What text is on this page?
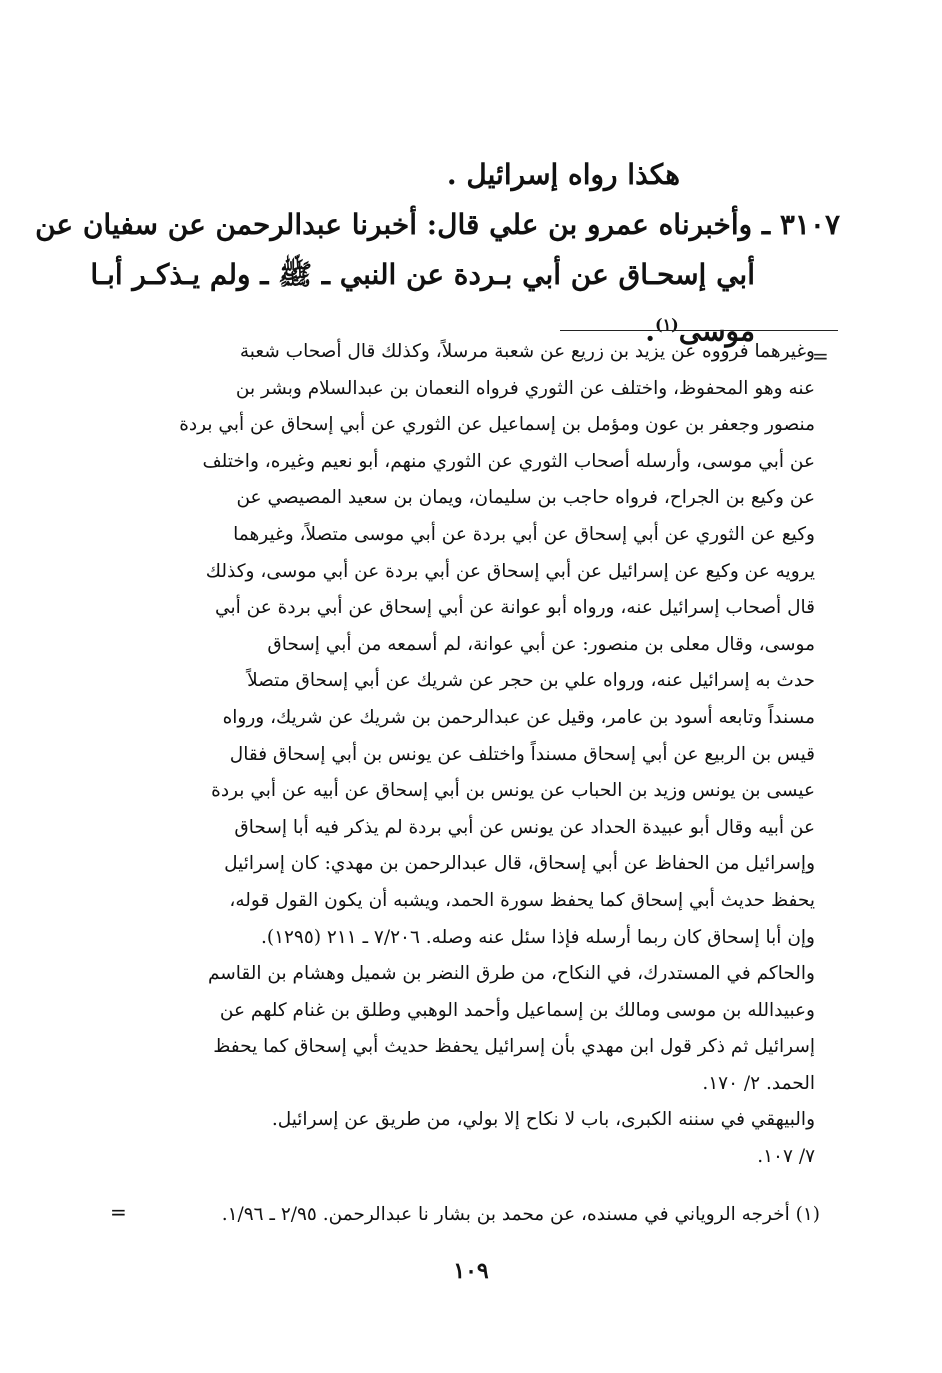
هكذا رواه إسرائيل .
٣١٠٧ ـ وأخبرناه عمرو بن علي قال: أخبرنا عبدالرحمن عن سفيان عن
أبي إسحـاق عن أبي بـردة عن النبي ـ ﷺ ـ ولم يـذكـر أبـا
موسى$^{(١)}$.
=
وغيرهما فرووه عن يزيد بن زريع عن شعبة مرسلاً، وكذلك قال أصحاب شعبة
عنه وهو المحفوظ، واختلف عن الثوري فرواه النعمان بن عبدالسلام وبشر بن
منصور وجعفر بن عون ومؤمل بن إسماعيل عن الثوري عن أبي إسحاق عن أبي بردة
عن أبي موسى، وأرسله أصحاب الثوري عن الثوري منهم، أبو نعيم وغيره، واختلف
عن وكيع بن الجراح، فرواه حاجب بن سليمان، ويمان بن سعيد المصيصي عن
وكيع عن الثوري عن أبي إسحاق عن أبي بردة عن أبي موسى متصلاً، وغيرهما
يرويه عن وكيع عن إسرائيل عن أبي إسحاق عن أبي بردة عن أبي موسى، وكذلك
قال أصحاب إسرائيل عنه، ورواه أبو عوانة عن أبي إسحاق عن أبي بردة عن أبي
موسى، وقال معلى بن منصور: عن أبي عوانة، لم أسمعه من أبي إسحاق
حدث به إسرائيل عنه، ورواه علي بن حجر عن شريك عن أبي إسحاق متصلاً
مسنداً وتابعه أسود بن عامر، وقيل عن عبدالرحمن بن شريك عن شريك، ورواه
قيس بن الربيع عن أبي إسحاق مسنداً واختلف عن يونس بن أبي إسحاق فقال
عيسى بن يونس وزيد بن الحباب عن يونس بن أبي إسحاق عن أبيه عن أبي بردة
عن أبيه وقال أبو عبيدة الحداد عن يونس عن أبي بردة لم يذكر فيه أبا إسحاق
وإسرائيل من الحفاظ عن أبي إسحاق، قال عبدالرحمن بن مهدي: كان إسرائيل
يحفظ حديث أبي إسحاق كما يحفظ سورة الحمد، ويشبه أن يكون القول قوله،
وإن أبا إسحاق كان ربما أرسله فإذا سئل عنه وصله. ٧/٢٠٦ ـ ٢١١ (١٢٩٥).
والحاكم في المستدرك، في النكاح، من طرق النضر بن شميل وهشام بن القاسم
وعبيدالله بن موسى ومالك بن إسماعيل وأحمد الوهبي وطلق بن غنام كلهم عن
إسرائيل ثم ذكر قول ابن مهدي بأن إسرائيل يحفظ حديث أبي إسحاق كما يحفظ
الحمد. ٢/ ١٧٠.
والبيهقي في سننه الكبرى، باب لا نكاح إلا بولي، من طريق عن إسرائيل.
٧/ ١٠٧.
(١) أخرجه الروياني في مسنده، عن محمد بن بشار نا عبدالرحمن. ٢/٩٥ ـ ١/٩٦.
=
١٠٩
